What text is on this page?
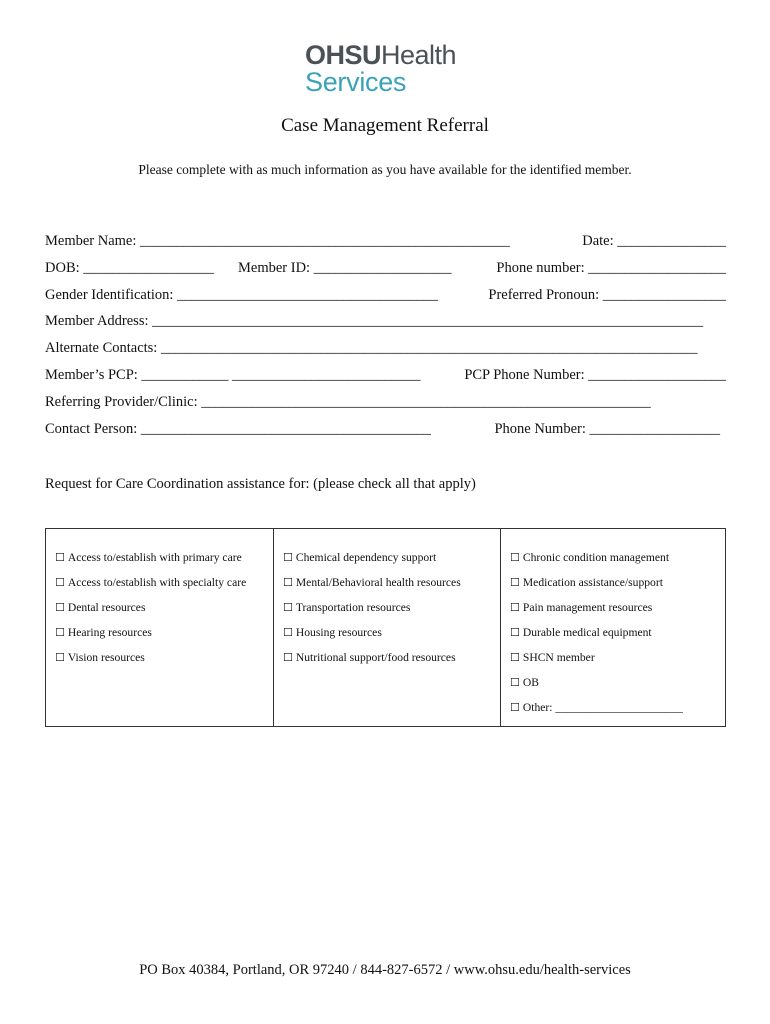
OHSUHealth
Services
Case Management Referral
Please complete with as much information as you have available for the identified member.
Member Name: ___________________________________________________	Date: _______________
DOB: __________________ Member ID: ___________________	Phone number: ___________________
Gender Identification: ____________________________________	Preferred Pronoun: _________________
Member Address: ____________________________________________________________________________
Alternate Contacts: __________________________________________________________________________
Member’s PCP: ____________ __________________________	PCP Phone Number: ___________________
Referring Provider/Clinic: ______________________________________________________________
Contact Person: ________________________________________	Phone Number: __________________
Request for Care Coordination assistance for: (please check all that apply)
☐ Access to/establish with primary care
☐ Access to/establish with specialty care
☐ Dental resources
☐ Hearing resources
☐ Vision resources
☐ Chemical dependency support
☐ Mental/Behavioral health resources
☐ Transportation resources
☐ Housing resources
☐ Nutritional support/food resources
☐ Chronic condition management
☐ Medication assistance/support
☐ Pain management resources
☐ Durable medical equipment
☐ SHCN member
☐ OB
☐ Other: ______________________
PO Box 40384, Portland, OR 97240 / 844-827-6572 / www.ohsu.edu/health-services
